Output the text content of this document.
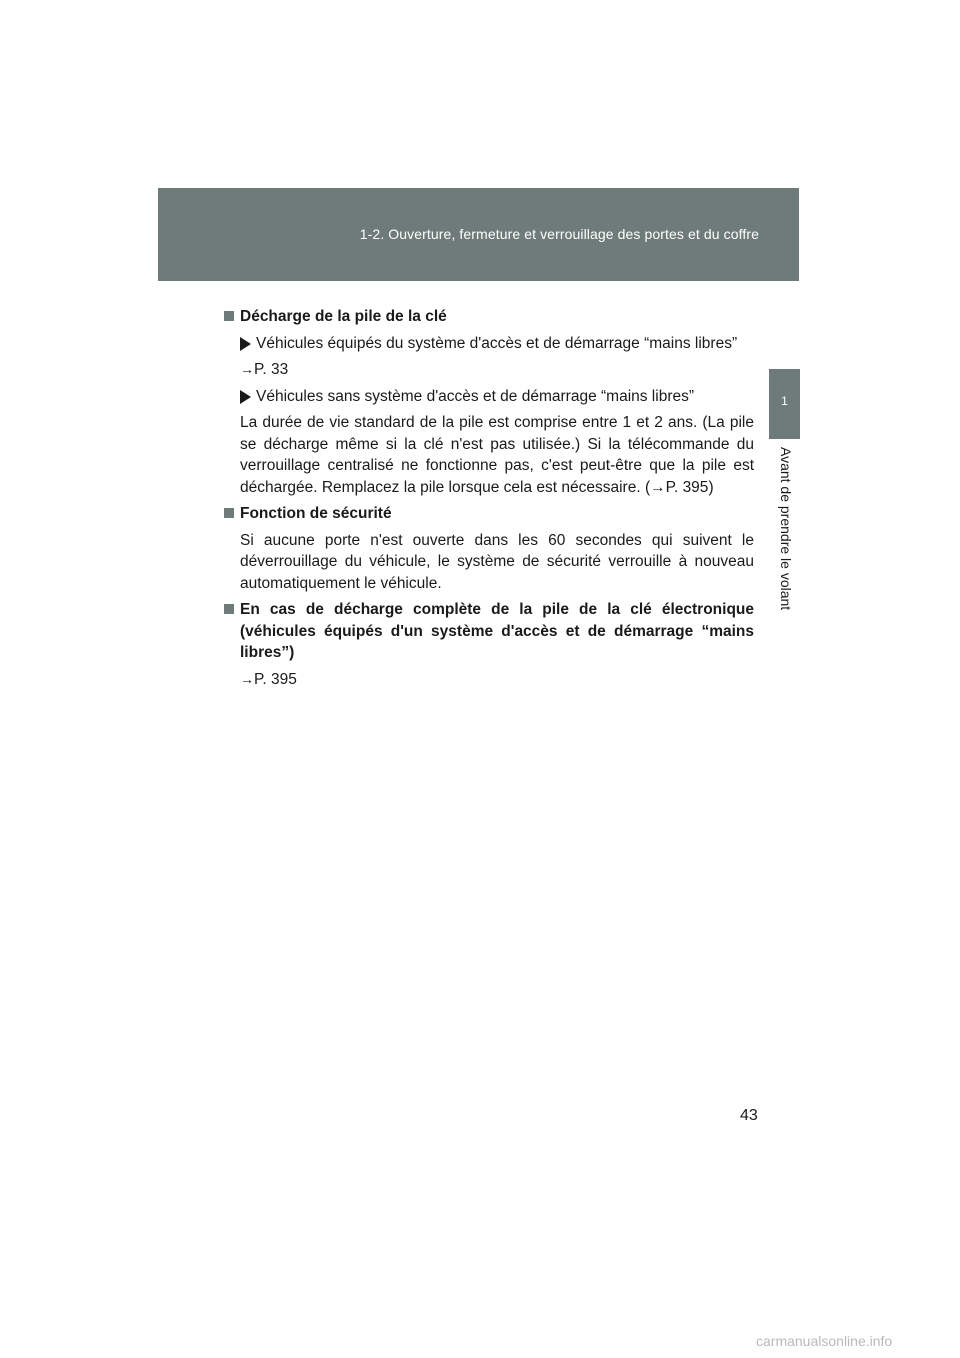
1-2. Ouverture, fermeture et verrouillage des portes et du coffre
1
Avant de prendre le volant
Décharge de la pile de la clé
Véhicules équipés du système d'accès et de démarrage “mains libres”
→P. 33
Véhicules sans système d'accès et de démarrage “mains libres”
La durée de vie standard de la pile est comprise entre 1 et 2 ans. (La pile se décharge même si la clé n'est pas utilisée.) Si la télécommande du verrouillage centralisé ne fonctionne pas, c'est peut-être que la pile est déchargée. Remplacez la pile lorsque cela est nécessaire. (→P. 395)
Fonction de sécurité
Si aucune porte n'est ouverte dans les 60 secondes qui suivent le déverrouillage du véhicule, le système de sécurité verrouille à nouveau automatiquement le véhicule.
En cas de décharge complète de la pile de la clé électronique (véhicules équipés d'un système d'accès et de démarrage “mains libres”)
→P. 395
43
carmanualsonline.info
